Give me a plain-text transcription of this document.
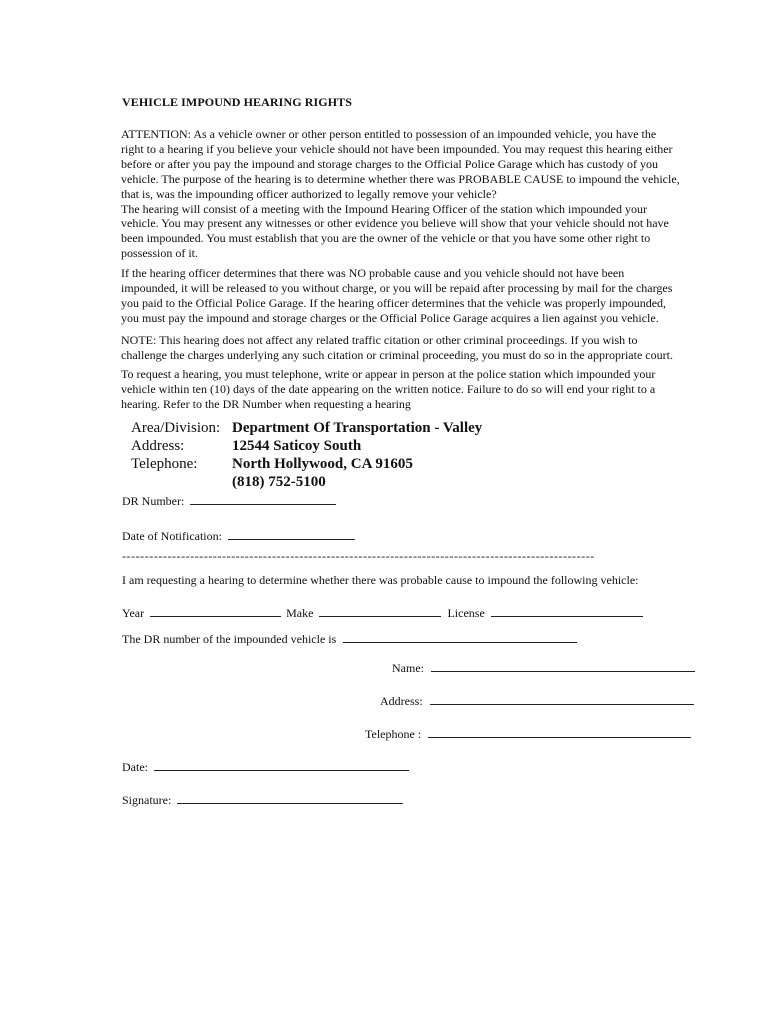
VEHICLE IMPOUND HEARING RIGHTS
ATTENTION: As a vehicle owner or other person entitled to possession of an impounded vehicle, you have the
right to a hearing if you believe your vehicle should not have been impounded. You may request this hearing either
before or after you pay the impound and storage charges to the Official Police Garage which has custody of you
vehicle. The purpose of the hearing is to determine whether there was PROBABLE CAUSE to impound the vehicle,
that is, was the impounding officer authorized to legally remove your vehicle?
The hearing will consist of a meeting with the Impound Hearing Officer of the station which impounded your
vehicle. You may present any witnesses or other evidence you believe will show that your vehicle should not have
been impounded. You must establish that you are the owner of the vehicle or that you have some other right to
possession of it.
If the hearing officer determines that there was NO probable cause and you vehicle should not have been
impounded, it will be released to you without charge, or you will be repaid after processing by mail for the charges
you paid to the Official Police Garage. If the hearing officer determines that the vehicle was properly impounded,
you must pay the impound and storage charges or the Official Police Garage acquires a lien against you vehicle.
NOTE: This hearing does not affect any related traffic citation or other criminal proceedings. If you wish to
challenge the charges underlying any such citation or criminal proceeding, you must do so in the appropriate court.
To request a hearing, you must telephone, write or appear in person at the police station which impounded your
vehicle within ten (10) days of the date appearing on the written notice. Failure to do so will end your right to a
hearing. Refer to the DR Number when requesting a hearing
Area/Division: Department Of Transportation - Valley
Address:	12544 Saticoy South
Telephone: North Hollywood, CA 91605
(818) 752-5100
DR Number:
Date of Notification:
--------------------------------------------------------------------------------------------------------
I am requesting a hearing to determine whether there was probable cause to impound the following vehicle:
Year	Make	License
The DR number of the impounded vehicle is
Name:
Address:
Telephone :
Date:
Signature:
